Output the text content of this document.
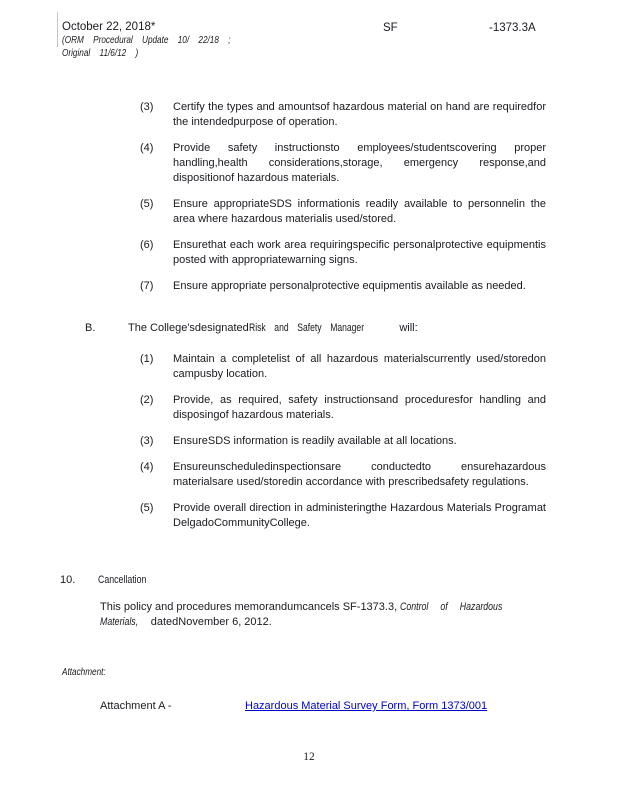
October 22, 2018*
(ORM Procedural Update 10/ 22/18 ;
Original 11/6/12 )
SF	-1373.3A
(3)	Certify the types and amountsof hazardous material on hand are requiredfor the intendedpurpose of operation.
(4)	Provide safety instructionsto employees/studentscovering proper handling,health considerations,storage, emergency response,and dispositionof hazardous materials.
(5)	Ensure appropriateSDS informationis readily available to personnelin the area where hazardous materialis used/stored.
(6)	Ensurethat each work area requiringspecific personalprotective equipmentis posted with appropriatewarning signs.
(7)	Ensure appropriate personalprotective equipmentis available as needed.
B.	The College'sdesignatedRisk and Safety Manager	will:
(1)	Maintain a completelist of all hazardous materialscurrently used/storedon campusby location.
(2)	Provide, as required, safety instructionsand proceduresfor handling and disposingof hazardous materials.
(3)	EnsureSDS information is readily available at all locations.
(4)	Ensureunscheduledinspectionsare conductedto ensurehazardous materialsare used/storedin accordance with prescribedsafety regulations.
(5)	Provide overall direction in administeringthe Hazardous Materials Programat DelgadoCommunityCollege.
10.	Cancellation
This policy and procedures memorandumcancels SF-1373.3, Control of Hazardous
Materials, datedNovember 6, 2012.
Attachment:
Attachment A -	Hazardous Material Survey Form, Form 1373/001
12
